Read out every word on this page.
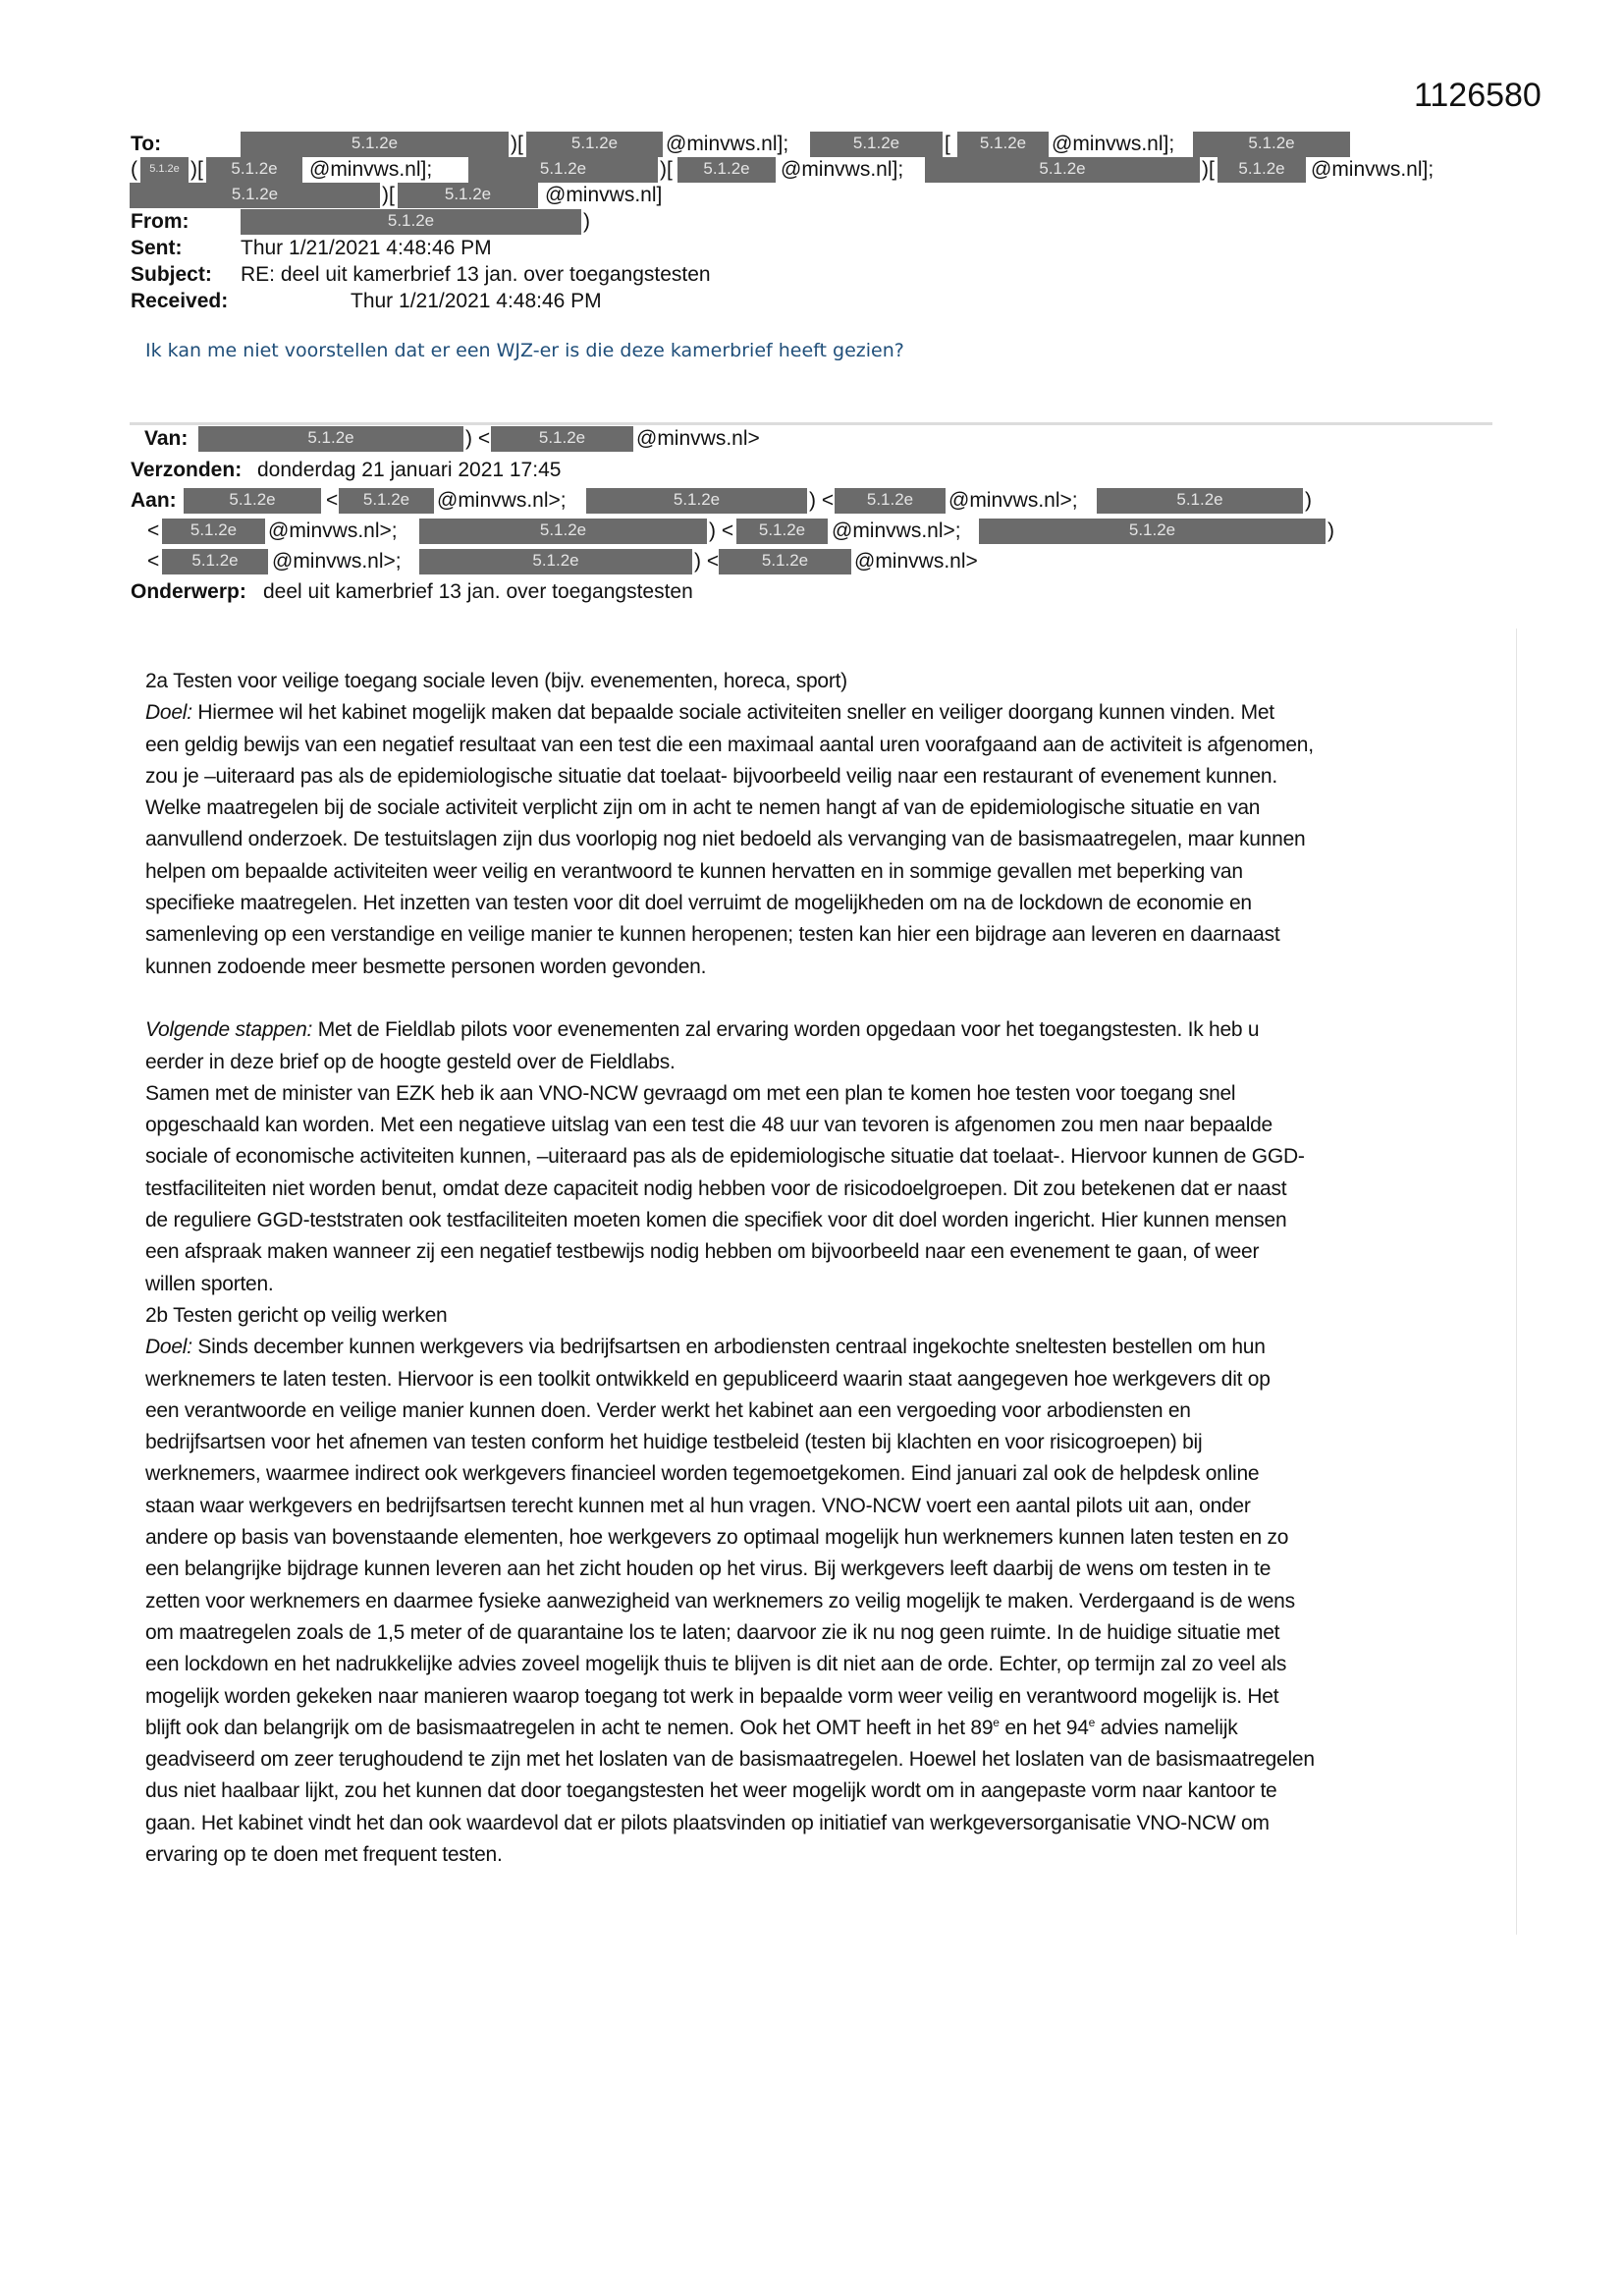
1126580
To:	5.1.2e	)[	5.1.2e	@minvws.nl];	5.1.2e	[	5.1.2e	@minvws.nl];	5.1.2e
(	5.1.2e )[	5.1.2e	@minvws.nl];	5.1.2e	)[	5.1.2e	@minvws.nl];	5.1.2e	)[	5.1.2e	@minvws.nl];
5.1.2e	)[	5.1.2e	@minvws.nl]
From:	5.1.2e	)
Sent:	Thur 1/21/2021 4:48:46 PM
Subject: RE: deel uit kamerbrief 13 jan. over toegangstesten
Received:	Thur 1/21/2021 4:48:46 PM
Van:	5.1.2e	) <	5.1.2e	@minvws.nl>
Verzonden: donderdag 21 januari 2021 17:45
Aan:	5.1.2e	<	5.1.2e	@minvws.nl>;	5.1.2e	) <	5.1.2e	@minvws.nl>;	5.1.2e	)
<	5.1.2e	@minvws.nl>;	5.1.2e	) <	5.1.2e	@minvws.nl>;	5.1.2e	)
<	5.1.2e	@minvws.nl>;	5.1.2e	) <	5.1.2e	@minvws.nl>
Onderwerp: deel uit kamerbrief 13 jan. over toegangstesten
Ik kan me niet voorstellen dat er een WJZ-er is die deze kamerbrief heeft gezien?
2a Testen voor veilige toegang sociale leven (bijv. evenementen, horeca, sport)
Doel: Hiermee wil het kabinet mogelijk maken dat bepaalde sociale activiteiten sneller en veiliger doorgang kunnen vinden. Met
een geldig bewijs van een negatief resultaat van een test die een maximaal aantal uren voorafgaand aan de activiteit is afgenomen,
zou je –uiteraard pas als de epidemiologische situatie dat toelaat- bijvoorbeeld veilig naar een restaurant of evenement kunnen.
Welke maatregelen bij de sociale activiteit verplicht zijn om in acht te nemen hangt af van de epidemiologische situatie en van
aanvullend onderzoek. De testuitslagen zijn dus voorlopig nog niet bedoeld als vervanging van de basismaatregelen, maar kunnen
helpen om bepaalde activiteiten weer veilig en verantwoord te kunnen hervatten en in sommige gevallen met beperking van
specifieke maatregelen. Het inzetten van testen voor dit doel verruimt de mogelijkheden om na de lockdown de economie en
samenleving op een verstandige en veilige manier te kunnen heropenen; testen kan hier een bijdrage aan leveren en daarnaast
kunnen zodoende meer besmette personen worden gevonden.
Volgende stappen: Met de Fieldlab pilots voor evenementen zal ervaring worden opgedaan voor het toegangstesten. Ik heb u
eerder in deze brief op de hoogte gesteld over de Fieldlabs.
Samen met de minister van EZK heb ik aan VNO-NCW gevraagd om met een plan te komen hoe testen voor toegang snel
opgeschaald kan worden. Met een negatieve uitslag van een test die 48 uur van tevoren is afgenomen zou men naar bepaalde
sociale of economische activiteiten kunnen, –uiteraard pas als de epidemiologische situatie dat toelaat-. Hiervoor kunnen de GGD-
testfaciliteiten niet worden benut, omdat deze capaciteit nodig hebben voor de risicodoelgroepen. Dit zou betekenen dat er naast
de reguliere GGD-teststraten ook testfaciliteiten moeten komen die specifiek voor dit doel worden ingericht. Hier kunnen mensen
een afspraak maken wanneer zij een negatief testbewijs nodig hebben om bijvoorbeeld naar een evenement te gaan, of weer
willen sporten.
2b Testen gericht op veilig werken
Doel: Sinds december kunnen werkgevers via bedrijfsartsen en arbodiensten centraal ingekochte sneltesten bestellen om hun
werknemers te laten testen. Hiervoor is een toolkit ontwikkeld en gepubliceerd waarin staat aangegeven hoe werkgevers dit op
een verantwoorde en veilige manier kunnen doen. Verder werkt het kabinet aan een vergoeding voor arbodiensten en
bedrijfsartsen voor het afnemen van testen conform het huidige testbeleid (testen bij klachten en voor risicogroepen) bij
werknemers, waarmee indirect ook werkgevers financieel worden tegemoetgekomen. Eind januari zal ook de helpdesk online
staan waar werkgevers en bedrijfsartsen terecht kunnen met al hun vragen. VNO-NCW voert een aantal pilots uit aan, onder
andere op basis van bovenstaande elementen, hoe werkgevers zo optimaal mogelijk hun werknemers kunnen laten testen en zo
een belangrijke bijdrage kunnen leveren aan het zicht houden op het virus. Bij werkgevers leeft daarbij de wens om testen in te
zetten voor werknemers en daarmee fysieke aanwezigheid van werknemers zo veilig mogelijk te maken. Verdergaand is de wens
om maatregelen zoals de 1,5 meter of de quarantaine los te laten; daarvoor zie ik nu nog geen ruimte. In de huidige situatie met
een lockdown en het nadrukkelijke advies zoveel mogelijk thuis te blijven is dit niet aan de orde. Echter, op termijn zal zo veel als
mogelijk worden gekeken naar manieren waarop toegang tot werk in bepaalde vorm weer veilig en verantwoord mogelijk is. Het
blijft ook dan belangrijk om de basismaatregelen in acht te nemen. Ook het OMT heeft in het 89e en het 94e advies namelijk
geadviseerd om zeer terughoudend te zijn met het loslaten van de basismaatregelen. Hoewel het loslaten van de basismaatregelen
dus niet haalbaar lijkt, zou het kunnen dat door toegangstesten het weer mogelijk wordt om in aangepaste vorm naar kantoor te
gaan. Het kabinet vindt het dan ook waardevol dat er pilots plaatsvinden op initiatief van werkgeversorganisatie VNO-NCW om
ervaring op te doen met frequent testen.
